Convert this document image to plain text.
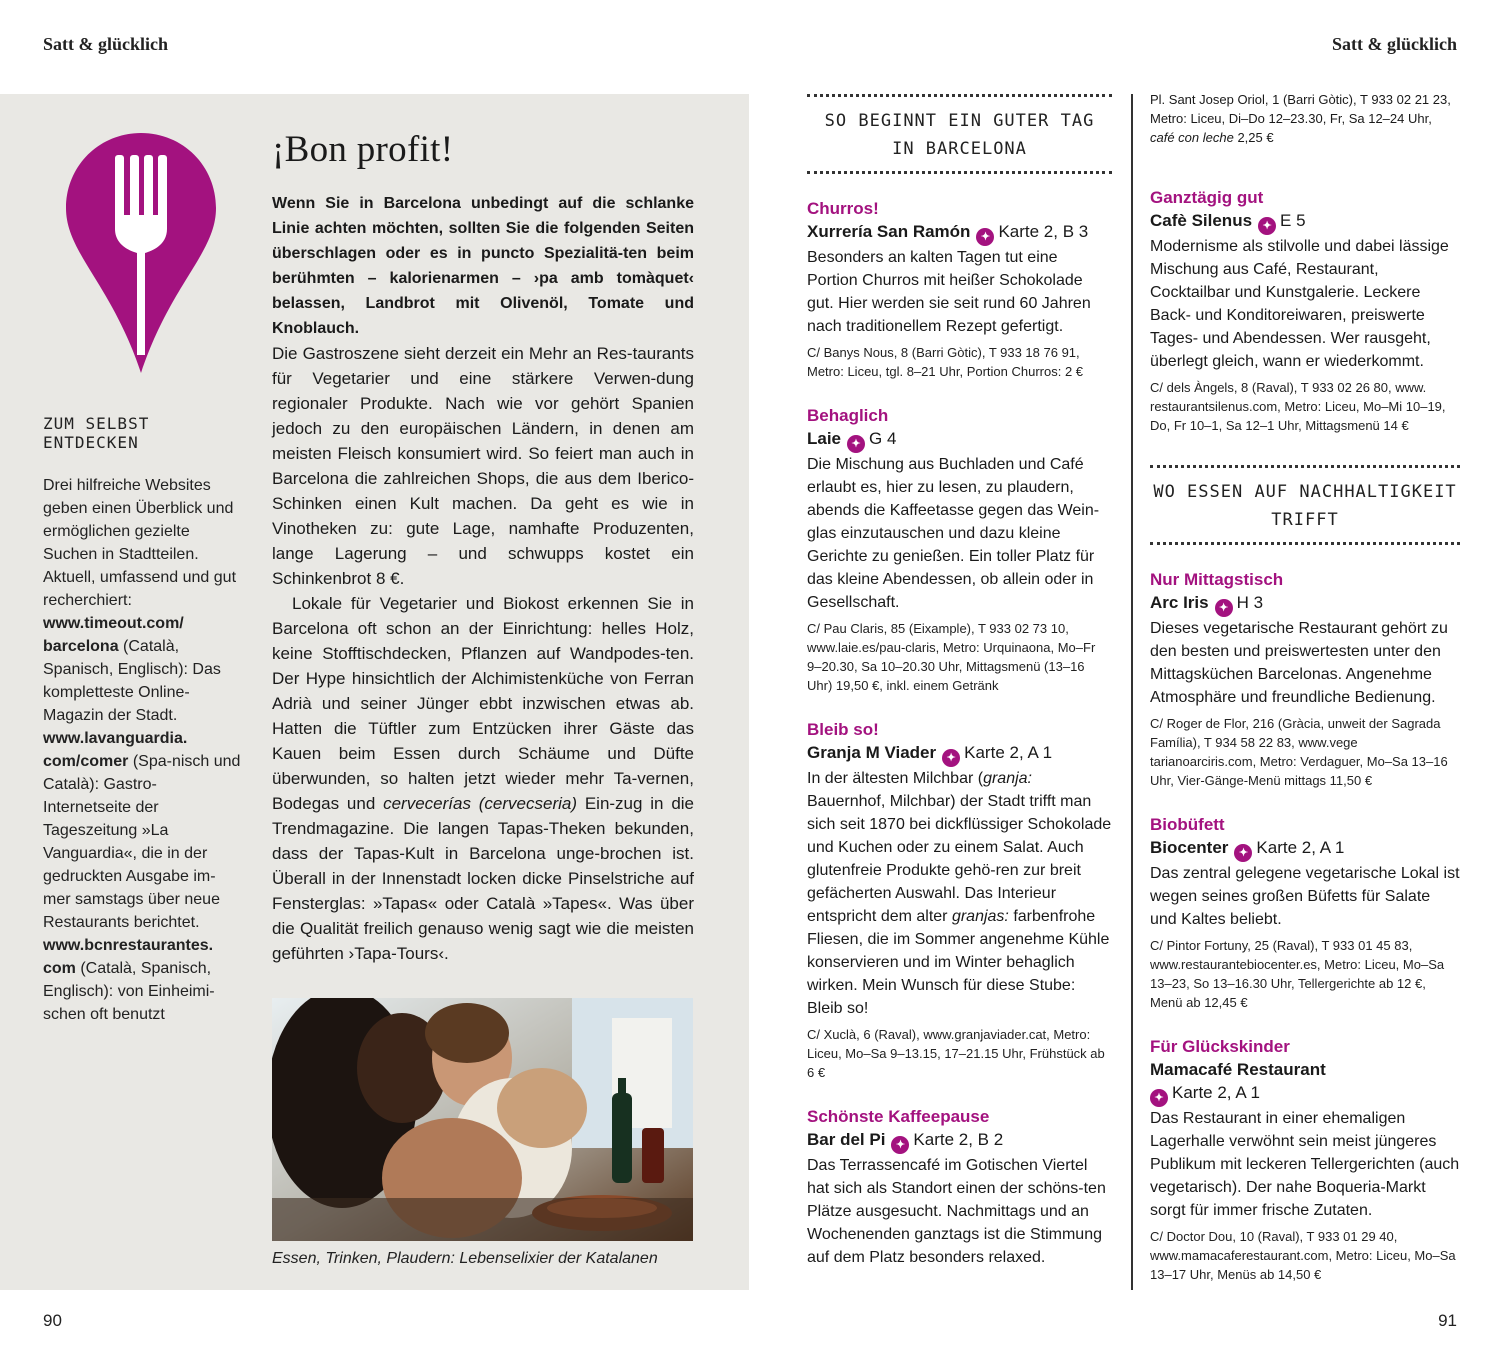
Satt & glücklich	Satt & glücklich
ZUM SELBST ENTDECKEN

Drei hilfreiche Websites geben einen Überblick und ermöglichen gezielte Suchen in Stadtteilen. Aktuell, umfassend und gut recherchiert: www.timeout.com/ barcelona (Català, Spanisch, Englisch): Das kompletteste Online-Magazin der Stadt. www.lavanguardia. com/comer (Spa-nisch und Català): Gastro-Internetseite der Tageszeitung »La Vanguardia«, die in der gedruckten Ausgabe im-mer samstags über neue Restaurants berichtet. www.bcnrestaurantes. com (Català, Spanisch, Englisch): von Einheimi-schen oft benutzt

¡Bon profit!

Wenn Sie in Barcelona unbedingt auf die schlanke Linie achten möchten, sollten Sie die folgenden Seiten überschlagen oder es in puncto Spezialitä-ten beim berühmten – kalorienarmen – ›pa amb tomàquet‹ belassen, Landbrot mit Olivenöl, Tomate und Knoblauch.

Die Gastroszene sieht derzeit ein Mehr an Res-taurants für Vegetarier und eine stärkere Verwen-dung regionaler Produkte. Nach wie vor gehört Spanien jedoch zu den europäischen Ländern, in denen am meisten Fleisch konsumiert wird. So feiert man auch in Barcelona die zahlreichen Shops, die aus dem Iberico-Schinken einen Kult machen. Da geht es wie in Vinotheken zu: gute Lage, namhafte Produzenten, lange Lagerung – und schwupps kostet ein Schinkenbrot 8 €.

Lokale für Vegetarier und Biokost erkennen Sie in Barcelona oft schon an der Einrichtung: helles Holz, keine Stofftischdecken, Pflanzen auf Wandpodes-ten. Der Hype hinsichtlich der Alchimistenküche von Ferran Adrià und seiner Jünger ebbt inzwischen etwas ab. Hatten die Tüftler zum Entzücken ihrer Gäste das Kauen beim Essen durch Schäume und Düfte überwunden, so halten jetzt wieder mehr Ta-vernen, Bodegas und cervecerías (cervecseria) Ein-zug in die Trendmagazine. Die langen Tapas-Theken bekunden, dass der Tapas-Kult in Barcelona unge-brochen ist. Überall in der Innenstadt locken dicke Pinselstriche auf Fensterglas: »Tapas« oder Català »Tapes«. Was über die Qualität freilich genauso wenig sagt wie die meisten geführten ›Tapa-Tours‹.

Essen, Trinken, Plaudern: Lebenselixier der Katalanen
SO BEGINNT EIN GUTER TAG
IN BARCELONA
Churros!
Xurrería San Ramón ✦ Karte 2, B 3
Besonders an kalten Tagen tut eine Portion Churros mit heißer Schokolade gut. Hier werden sie seit rund 60 Jahren nach traditionellem Rezept gefertigt.
C/ Banys Nous, 8 (Barri Gòtic), T 933 18 76 91, Metro: Liceu, tgl. 8–21 Uhr, Portion Churros: 2 €
Behaglich
Laie ✦ G 4
Die Mischung aus Buchladen und Café erlaubt es, hier zu lesen, zu plaudern, abends die Kaffeetasse gegen das Wein-glas einzutauschen und dazu kleine Gerichte zu genießen. Ein toller Platz für das kleine Abendessen, ob allein oder in Gesellschaft.
C/ Pau Claris, 85 (Eixample), T 933 02 73 10, www.laie.es/pau-claris, Metro: Urquinaona, Mo–Fr 9–20.30, Sa 10–20.30 Uhr, Mittagsmenü (13–16 Uhr) 19,50 €, inkl. einem Getränk
Bleib so!
Granja M Viader ✦ Karte 2, A 1
In der ältesten Milchbar (granja: Bauernhof, Milchbar) der Stadt trifft man sich seit 1870 bei dickflüssiger Schokolade und Kuchen oder zu einem Salat. Auch glutenfreie Produkte gehö-ren zur breit gefächerten Auswahl. Das Interieur entspricht dem alter granjas: farbenfrohe Fliesen, die im Sommer angenehme Kühle konservieren und im Winter behaglich wirken. Mein Wunsch für diese Stube: Bleib so!
C/ Xuclà, 6 (Raval), www.granjaviader.cat, Metro: Liceu, Mo–Sa 9–13.15, 17–21.15 Uhr, Frühstück ab 6 €
Schönste Kaffeepause
Bar del Pi ✦ Karte 2, B 2
Das Terrassencafé im Gotischen Viertel hat sich als Standort einen der schöns-ten Plätze ausgesucht. Nachmittags und an Wochenenden ganztags ist die Stimmung auf dem Platz besonders relaxed.
Pl. Sant Josep Oriol, 1 (Barri Gòtic), T 933 02 21 23, Metro: Liceu, Di–Do 12–23.30, Fr, Sa 12–24 Uhr, café con leche 2,25 €
Ganztägig gut
Cafè Silenus ✦ E 5
Modernisme als stilvolle und dabei lässige Mischung aus Café, Restaurant, Cocktailbar und Kunstgalerie. Leckere Back- und Konditoreiwaren, preiswerte Tages- und Abendessen. Wer rausgeht, überlegt gleich, wann er wiederkommt.
C/ dels Àngels, 8 (Raval), T 933 02 26 80, www. restaurantsilenus.com, Metro: Liceu, Mo–Mi 10–19, Do, Fr 10–1, Sa 12–1 Uhr, Mittagsmenü 14 €
WO ESSEN AUF NACHHALTIGKEIT
TRIFFT
Nur Mittagstisch
Arc Iris ✦ H 3
Dieses vegetarische Restaurant gehört zu den besten und preiswertesten unter den Mittagsküchen Barcelonas. Angenehme Atmosphäre und freundliche Bedienung.
C/ Roger de Flor, 216 (Gràcia, unweit der Sagrada Família), T 934 58 22 83, www.vege tarianoarciris.com, Metro: Verdaguer, Mo–Sa 13–16 Uhr, Vier-Gänge-Menü mittags 11,50 €
Biobüfett
Biocenter ✦ Karte 2, A 1
Das zentral gelegene vegetarische Lokal ist wegen seines großen Büfetts für Salate und Kaltes beliebt.
C/ Pintor Fortuny, 25 (Raval), T 933 01 45 83, www.restaurantebiocenter.es, Metro: Liceu, Mo–Sa 13–23, So 13–16.30 Uhr, Tellergerichte ab 12 €, Menü ab 12,45 €
Für Glückskinder
Mamacafé Restaurant
✦ Karte 2, A 1
Das Restaurant in einer ehemaligen Lagerhalle verwöhnt sein meist jüngeres Publikum mit leckeren Tellergerichten (auch vegetarisch). Der nahe Boqueria-Markt sorgt für immer frische Zutaten.
C/ Doctor Dou, 10 (Raval), T 933 01 29 40, www.mamacaferestaurant.com, Metro: Liceu, Mo–Sa 13–17 Uhr, Menüs ab 14,50 €
90	91
